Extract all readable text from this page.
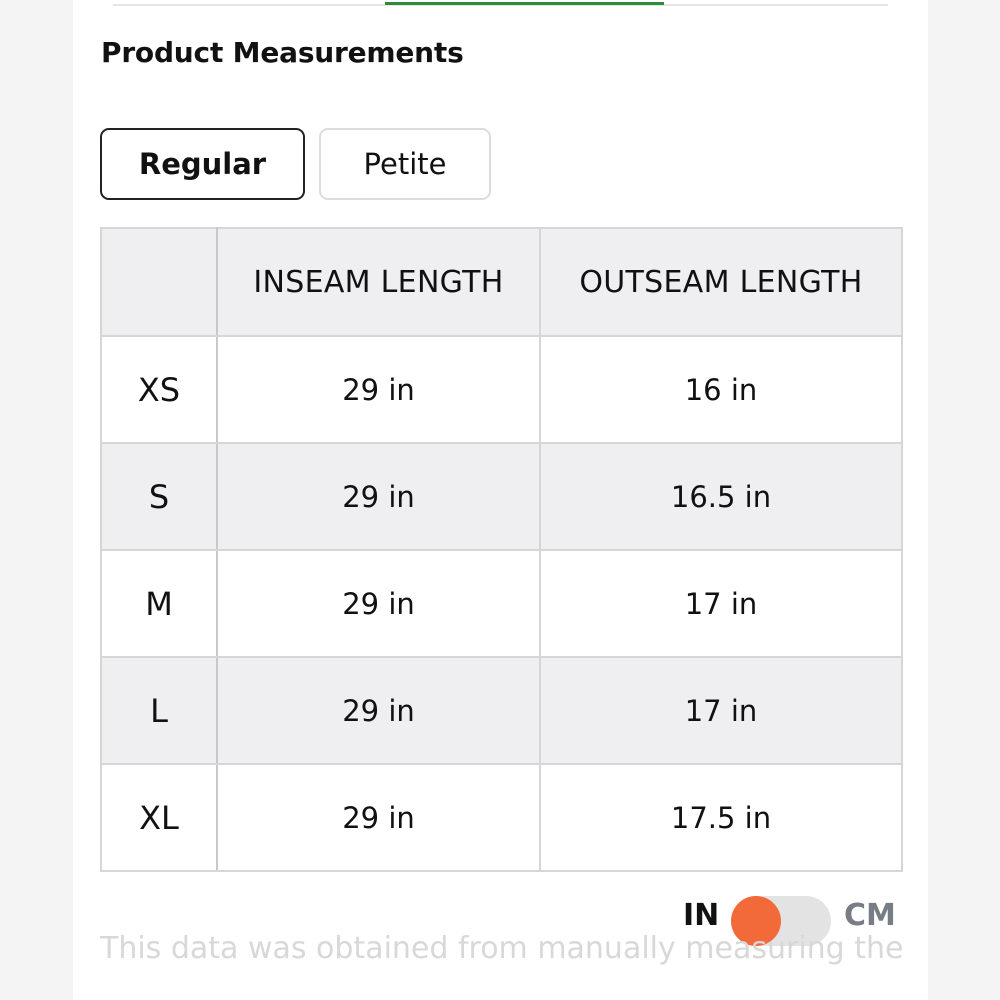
Product Measurements
Regular	Petite
	INSEAM LENGTH	OUTSEAM LENGTH
XS	29 in	16 in
S	29 in	16.5 in
M	29 in	17 in
L	29 in	17 in
XL	29 in	17.5 in
IN	CM
This data was obtained from manually measuring the
